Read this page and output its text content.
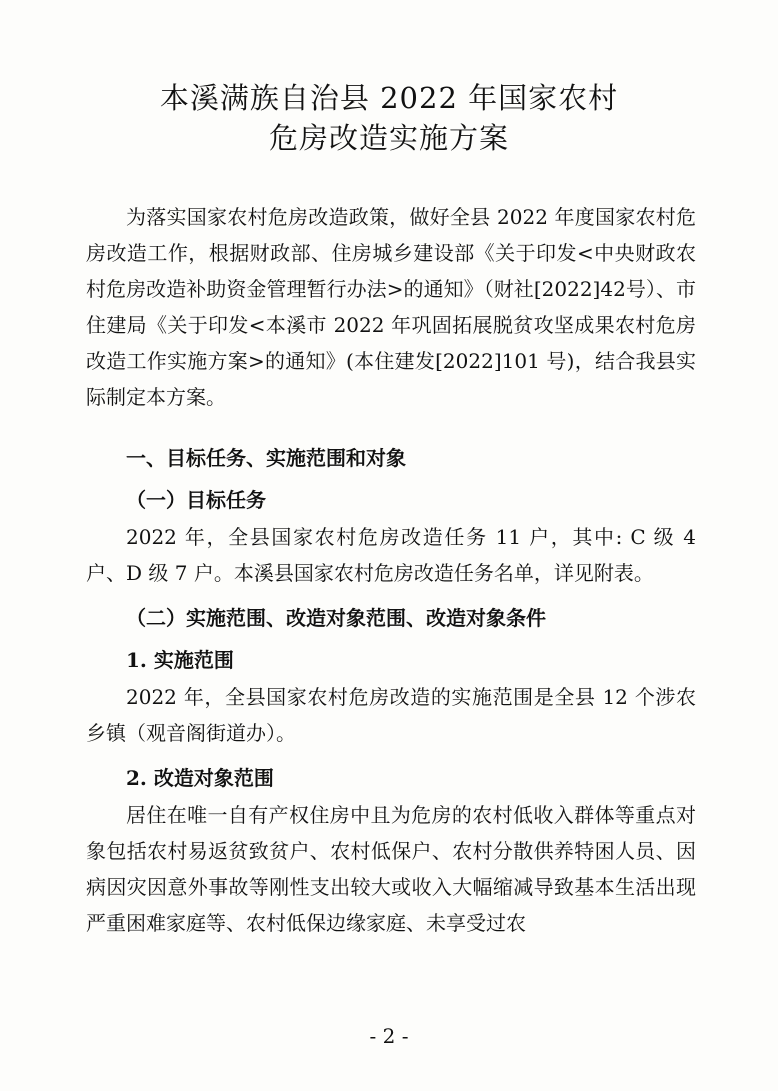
本溪满族自治县 2022 年国家农村
危房改造实施方案

为落实国家农村危房改造政策，做好全县 2022 年度国家农村危房改造工作，根据财政部、住房城乡建设部《关于印发<中央财政农村危房改造补助资金管理暂行办法>的通知》（财社[2022]42号）、市住建局《关于印发<本溪市 2022 年巩固拓展脱贫攻坚成果农村危房改造工作实施方案>的通知》(本住建发[2022]101 号)，结合我县实际制定本方案。

一、目标任务、实施范围和对象

（一）目标任务

2022 年，全县国家农村危房改造任务 11 户，其中: C 级 4 户、D 级 7 户。本溪县国家农村危房改造任务名单，详见附表。

（二）实施范围、改造对象范围、改造对象条件

1. 实施范围

2022 年，全县国家农村危房改造的实施范围是全县 12 个涉农乡镇（观音阁街道办）。

2. 改造对象范围

居住在唯一自有产权住房中且为危房的农村低收入群体等重点对象包括农村易返贫致贫户、农村低保户、农村分散供养特困人员、因病因灾因意外事故等刚性支出较大或收入大幅缩减导致基本生活出现严重困难家庭等、农村低保边缘家庭、未享受过农

- 2 -
